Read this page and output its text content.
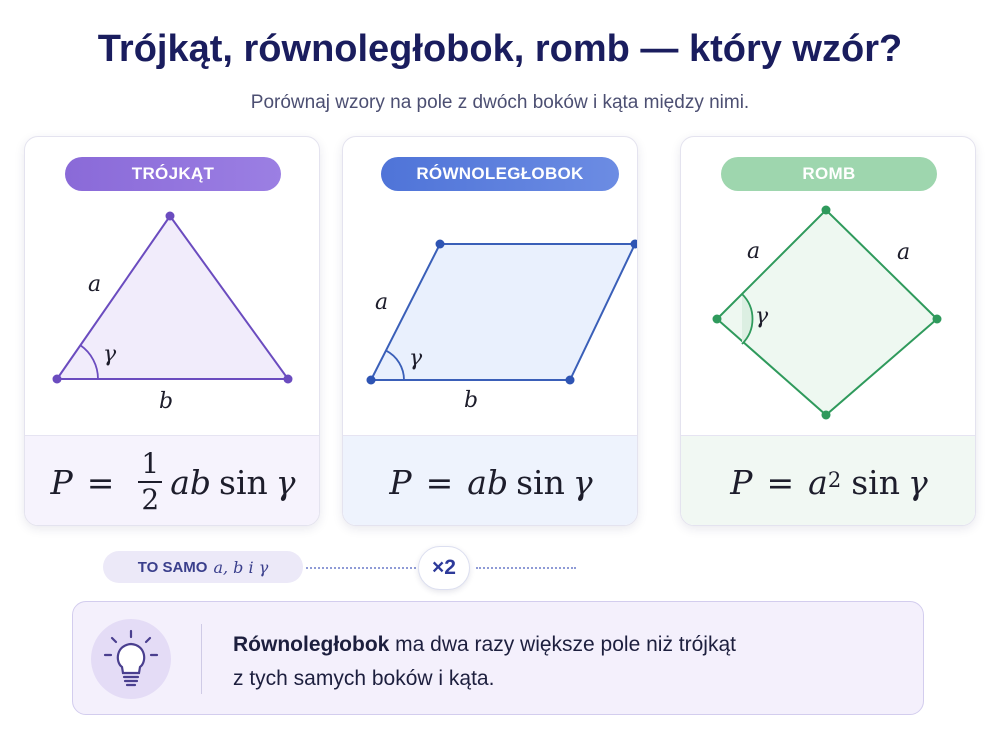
Trójkąt, równoległobok, romb — który wzór?
Porównaj wzory na pole z dwóch boków i kąta między nimi.
TRÓJKĄT
a
b
γ
$P = \frac{1}{2}$ ab sin γ
RÓWNOLEGŁOBOK
a
b
γ
P = ab sin γ
ROMB
a	a
γ
$P = a^2$ sin γ
TO SAMO a, b i γ	×2
Równoległobok ma dwa razy większe pole niż trójkąt
z tych samych boków i kąta.
